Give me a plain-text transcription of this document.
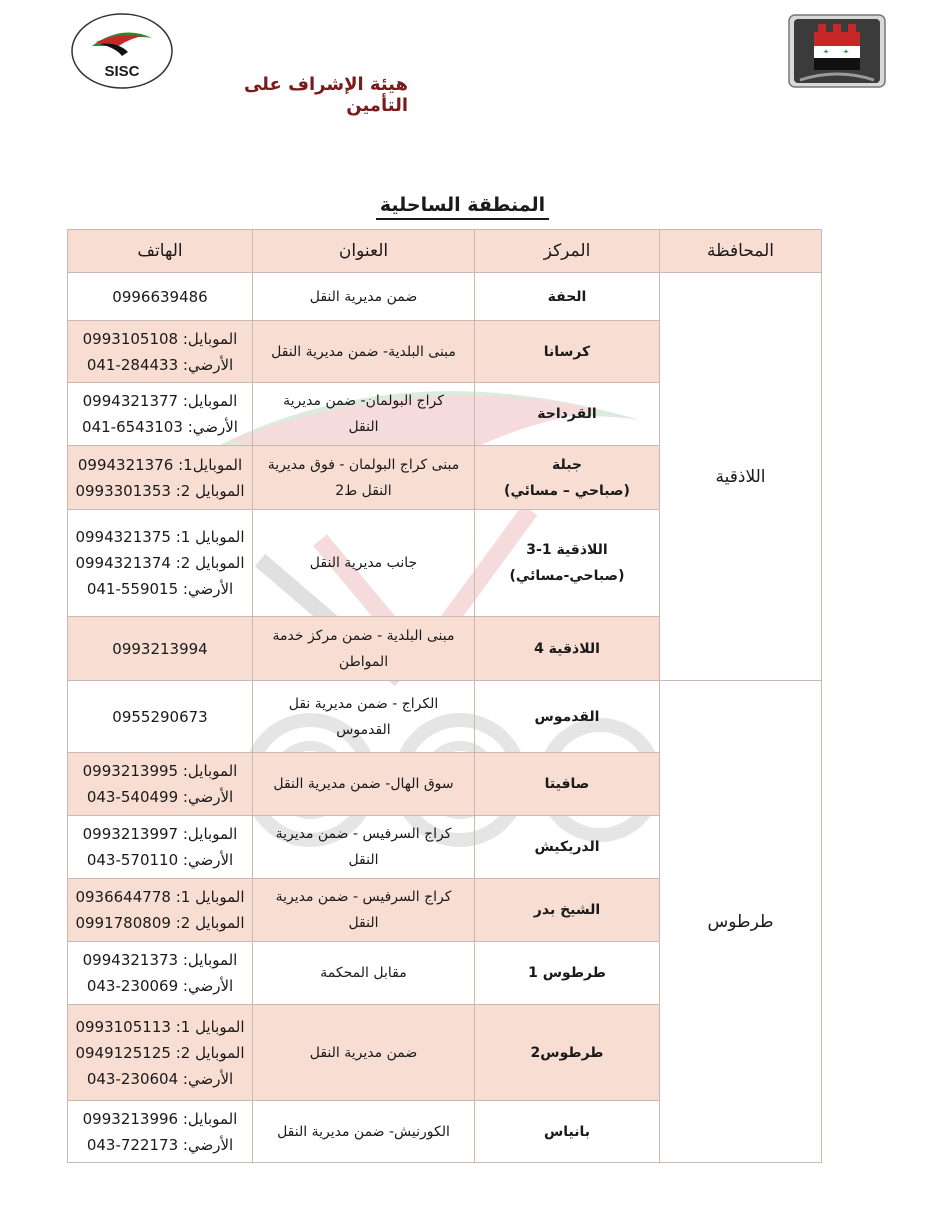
SISC
هيئة الإشراف على التأمين
المنطقة الساحلية
المحافظة	المركز	العنوان	الهاتف
اللاذقية	الحفة	ضمن مديرية النقل	0996639486

	كرسانا	مبنى البلدية- ضمن مديرية النقل	الموبايل: 0993105108
الأرضي: 041-284433

	القرداحة	كراج البولمان- ضمن مديرية
النقل	الموبايل: 0994321377
الأرضي: 041-6543103

	جبلة
(صباحي – مسائي)	مبنى كراج البولمان - فوق مديرية
النقل ط2	الموبايل1: 0994321376
الموبايل 2: 0993301353

	اللاذقية 1-3
(صباحي-مسائي)	جانب مديرية النقل	الموبايل 1: 0994321375
الموبايل 2: 0994321374
الأرضي: 041-559015

	اللاذقية 4	مبنى البلدية - ضمن مركز خدمة
المواطن	0993213994

طرطوس	القدموس	الكراج - ضمن مديرية نقل
القدموس	0955290673

	صافيتا	سوق الهال- ضمن مديرية النقل	الموبايل: 0993213995
الأرضي: 043-540499

	الدريكيش	كراج السرفيس - ضمن مديرية
النقل	الموبايل: 0993213997
الأرضي: 043-570110

	الشيخ بدر	كراج السرفيس - ضمن مديرية
النقل	الموبايل 1: 0936644778
الموبايل 2: 0991780809

	طرطوس 1	مقابل المحكمة	الموبايل: 0994321373
الأرضي: 043-230069

	طرطوس2	ضمن مديرية النقل	الموبايل 1: 0993105113
الموبايل 2: 0949125125
الأرضي: 043-230604

	بانياس	الكورنيش- ضمن مديرية النقل	الموبايل: 0993213996
الأرضي: 043-722173
